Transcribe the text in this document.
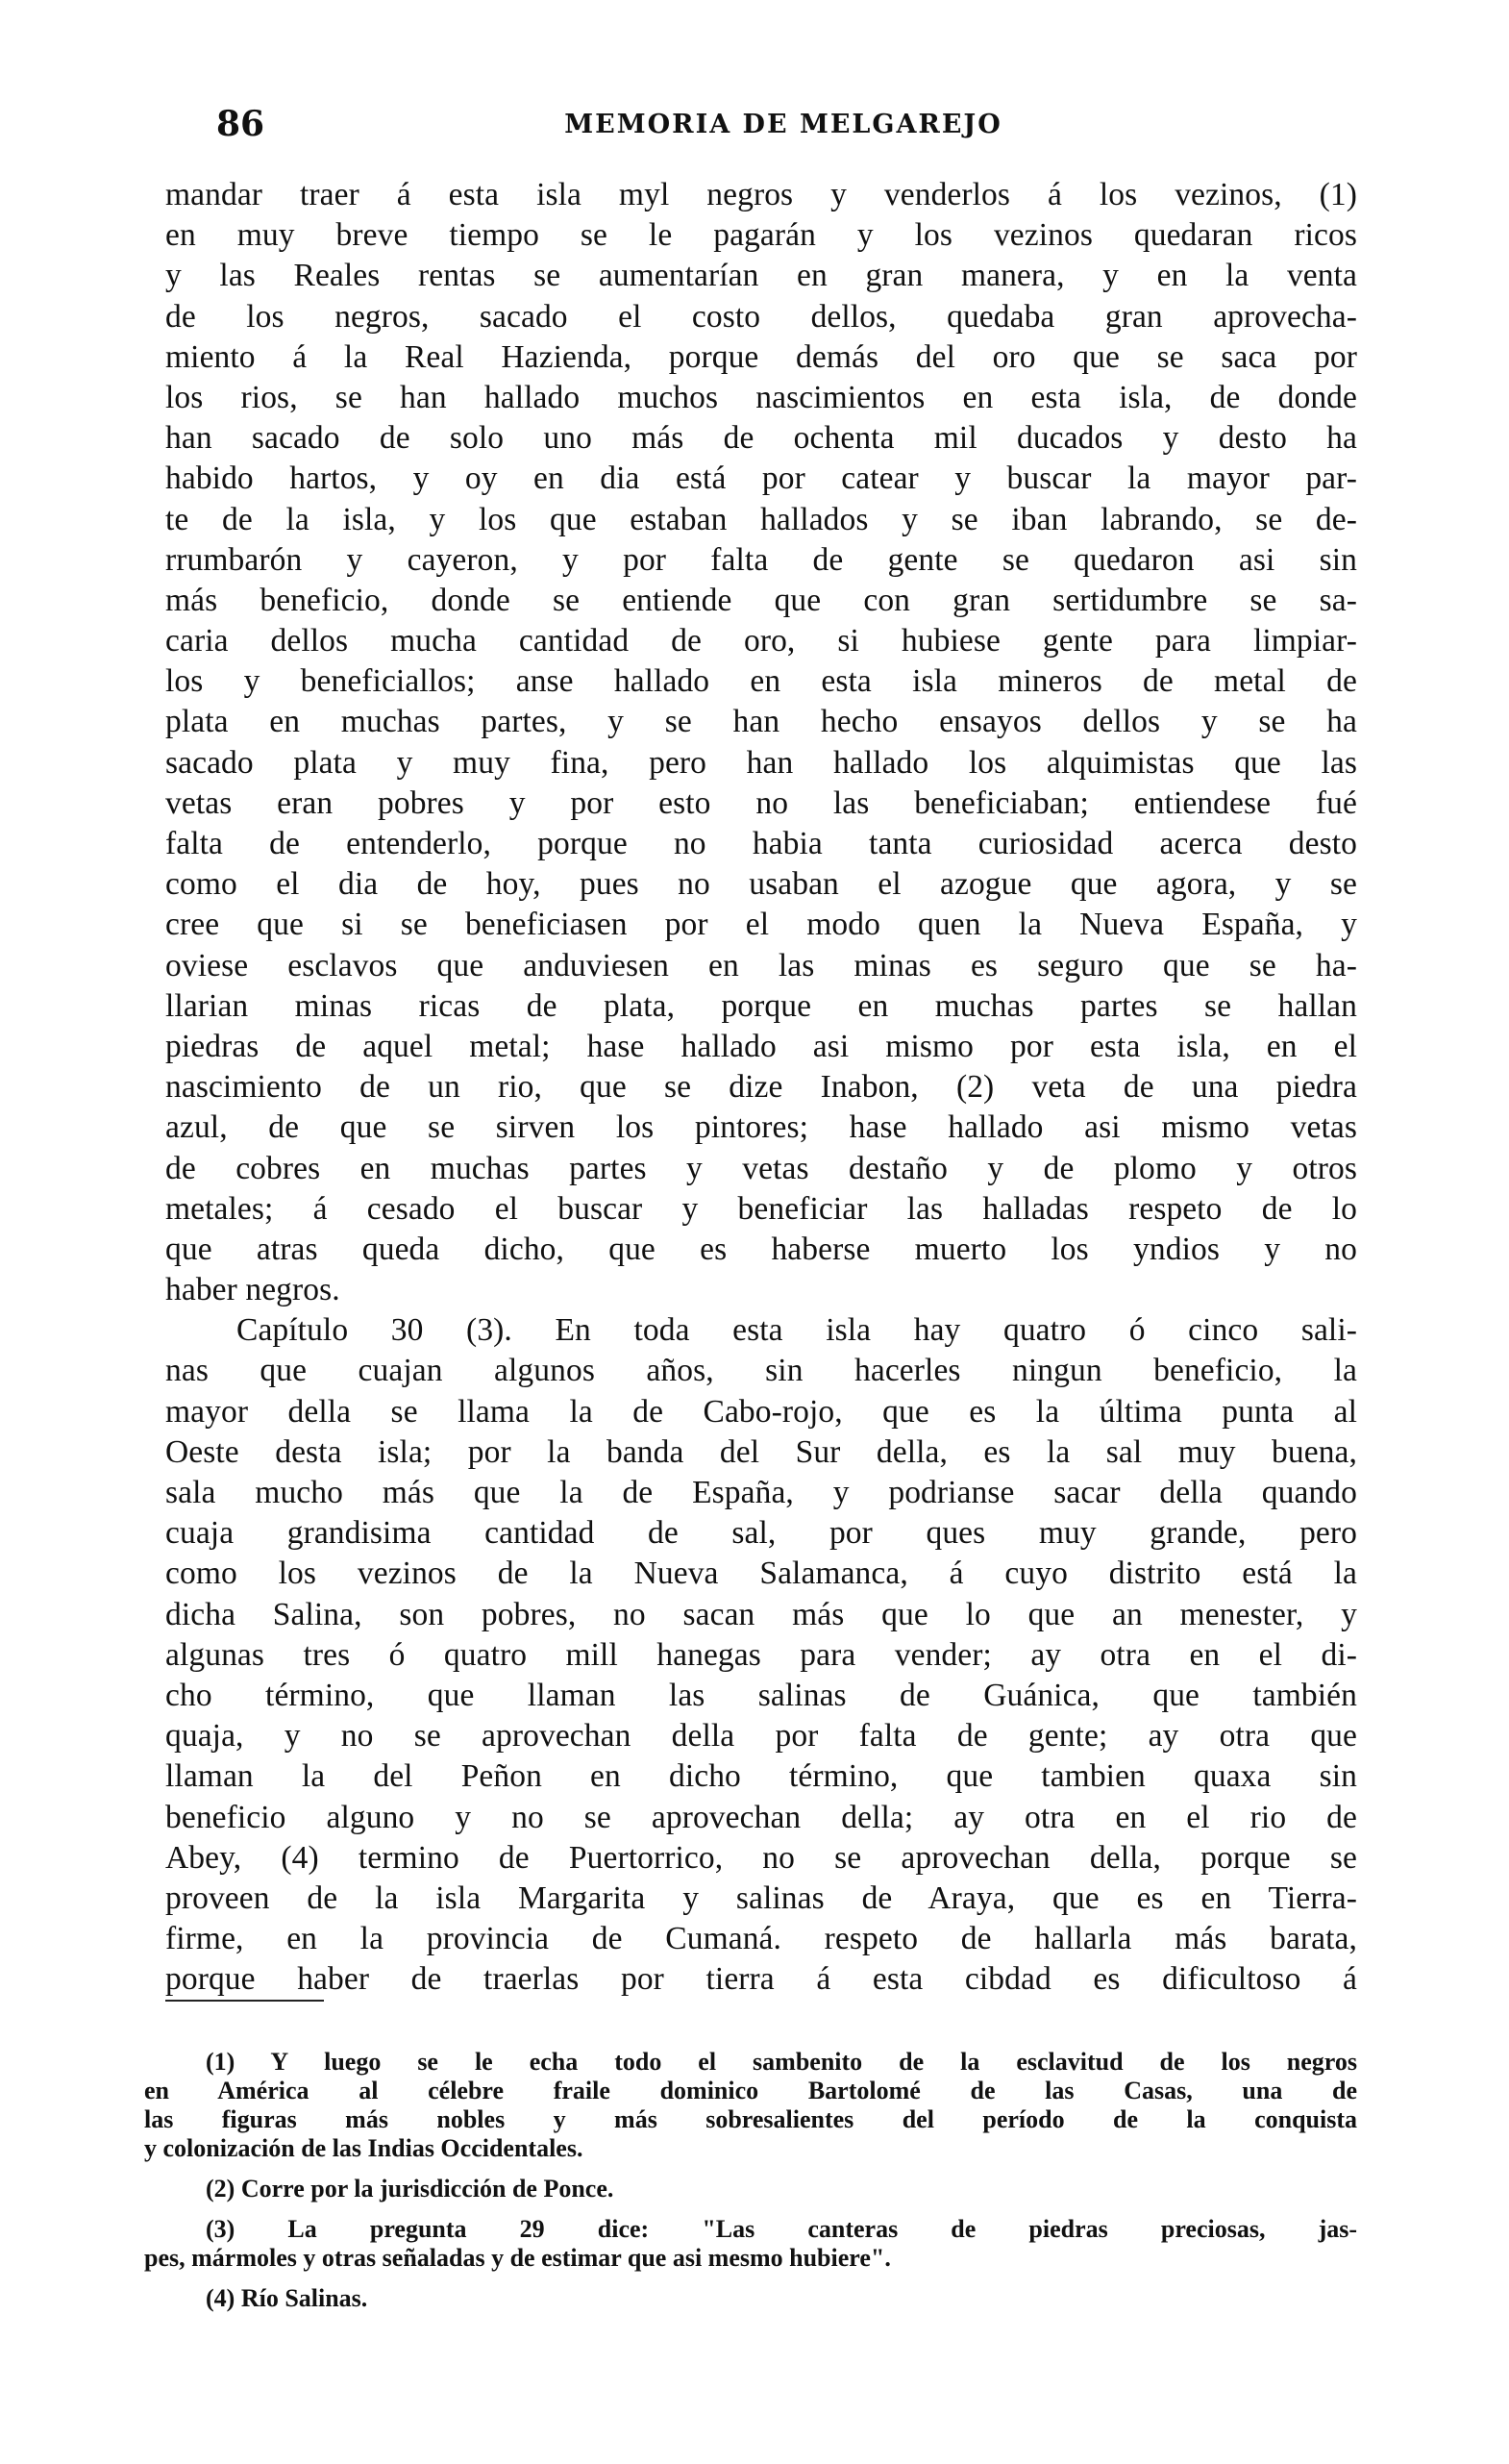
86	MEMORIA DE MELGAREJO
mandar traer á esta isla myl negros y venderlos á los vezinos, (1)
en muy breve tiempo se le pagarán y los vezinos quedaran ricos
y las Reales rentas se aumentarían en gran manera, y en la venta
de los negros, sacado el costo dellos, quedaba gran aprovecha-
miento á la Real Hazienda, porque demás del oro que se saca por
los rios, se han hallado muchos nascimientos en esta isla, de donde
han sacado de solo uno más de ochenta mil ducados y desto ha
habido hartos, y oy en dia está por catear y buscar la mayor par-
te de la isla, y los que estaban hallados y se iban labrando, se de-
rrumbarón y cayeron, y por falta de gente se quedaron asi sin
más beneficio, donde se entiende que con gran sertidumbre se sa-
caria dellos mucha cantidad de oro, si hubiese gente para limpiar-
los y beneficiallos; anse hallado en esta isla mineros de metal de
plata en muchas partes, y se han hecho ensayos dellos y se ha
sacado plata y muy fina, pero han hallado los alquimistas que las
vetas eran pobres y por esto no las beneficiaban; entiendese fué
falta de entenderlo, porque no habia tanta curiosidad acerca desto
como el dia de hoy, pues no usaban el azogue que agora, y se
cree que si se beneficiasen por el modo quen la Nueva España, y
oviese esclavos que anduviesen en las minas es seguro que se ha-
llarian minas ricas de plata, porque en muchas partes se hallan
piedras de aquel metal; hase hallado asi mismo por esta isla, en el
nascimiento de un rio, que se dize Inabon, (2) veta de una piedra
azul, de que se sirven los pintores; hase hallado asi mismo vetas
de cobres en muchas partes y vetas destaño y de plomo y otros
metales; á cesado el buscar y beneficiar las halladas respeto de lo
que atras queda dicho, que es haberse muerto los yndios y no
haber negros.
Capítulo 30 (3). En toda esta isla hay quatro ó cinco sali-
nas que cuajan algunos años, sin hacerles ningun beneficio, la
mayor della se llama la de Cabo-rojo, que es la última punta al
Oeste desta isla; por la banda del Sur della, es la sal muy buena,
sala mucho más que la de España, y podrianse sacar della quando
cuaja grandisima cantidad de sal, por ques muy grande, pero
como los vezinos de la Nueva Salamanca, á cuyo distrito está la
dicha Salina, son pobres, no sacan más que lo que an menester, y
algunas tres ó quatro mill hanegas para vender; ay otra en el di-
cho término, que llaman las salinas de Guánica, que también
quaja, y no se aprovechan della por falta de gente; ay otra que
llaman la del Peñon en dicho término, que tambien quaxa sin
beneficio alguno y no se aprovechan della; ay otra en el rio de
Abey, (4) termino de Puertorrico, no se aprovechan della, porque se
proveen de la isla Margarita y salinas de Araya, que es en Tierra-
firme, en la provincia de Cumaná. respeto de hallarla más barata,
porque haber de traerlas por tierra á esta cibdad es dificultoso á
(1) Y luego se le echa todo el sambenito de la esclavitud de los negros
en América al célebre fraile dominico Bartolomé de las Casas, una de
las figuras más nobles y más sobresalientes del período de la conquista
y colonización de las Indias Occidentales.
(2) Corre por la jurisdicción de Ponce.
(3) La pregunta 29 dice: "Las canteras de piedras preciosas, jas-
pes, mármoles y otras señaladas y de estimar que asi mesmo hubiere".
(4) Río Salinas.
